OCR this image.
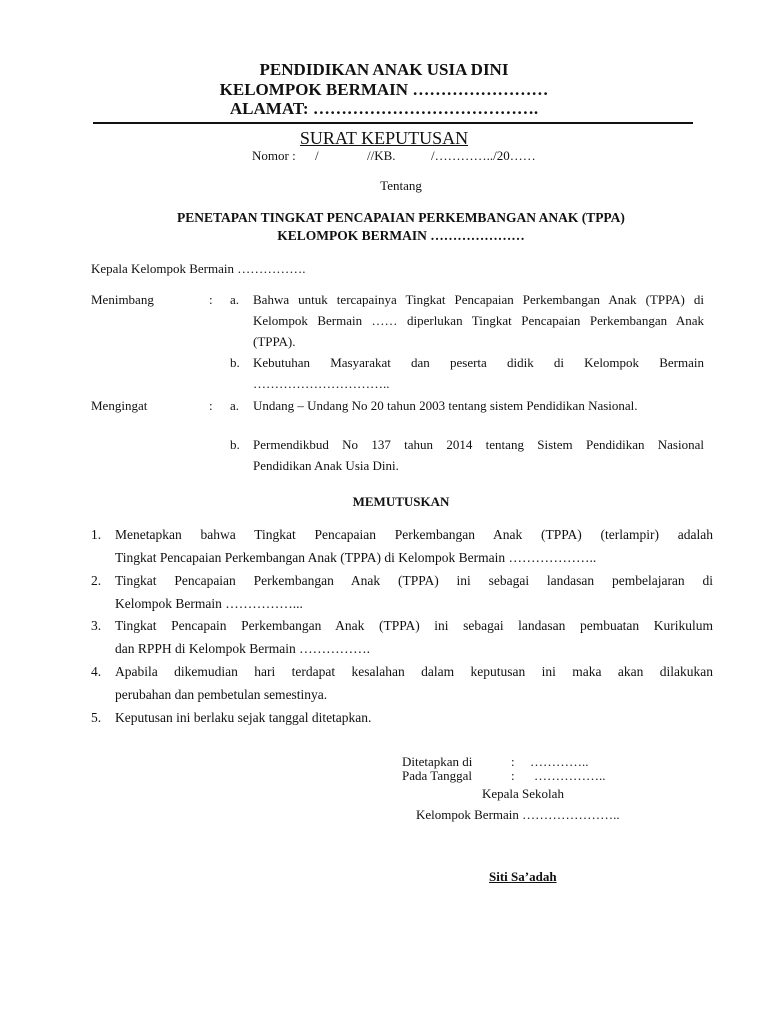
PENDIDIKAN ANAK USIA DINI
KELOMPOK BERMAIN ……………………
ALAMAT: ………………………………….
SURAT KEPUTUSAN
Nomor : /	//KB.	/…………../20……
Tentang
PENETAPAN TINGKAT PENCAPAIAN PERKEMBANGAN ANAK (TPPA)
KELOMPOK BERMAIN …………………
Kepala Kelompok Bermain …………….
Menimbang	: a. Bahwa untuk tercapainya Tingkat Pencapaian Perkembangan Anak (TPPA) di
Kelompok Bermain …… diperlukan Tingkat Pencapaian Perkembangan Anak
(TPPA).
b. Kebutuhan Masyarakat dan peserta didik di Kelompok Bermain
…………………………..
Mengingat	: a. Undang – Undang No 20 tahun 2003 tentang sistem Pendidikan Nasional.
b. Permendikbud No 137 tahun 2014 tentang Sistem Pendidikan Nasional
Pendidikan Anak Usia Dini.
MEMUTUSKAN
1. Menetapkan bahwa Tingkat Pencapaian Perkembangan Anak (TPPA) (terlampir) adalah
Tingkat Pencapaian Perkembangan Anak (TPPA) di Kelompok Bermain ………………..
2. Tingkat Pencapaian Perkembangan Anak (TPPA) ini sebagai landasan pembelajaran di
Kelompok Bermain ……………...
3. Tingkat Pencapain Perkembangan Anak (TPPA) ini sebagai landasan pembuatan Kurikulum
dan RPPH di Kelompok Bermain …………….
4. Apabila dikemudian hari terdapat kesalahan dalam keputusan ini maka akan dilakukan
perubahan dan pembetulan semestinya.
5. Keputusan ini berlaku sejak tanggal ditetapkan.
Ditetapkan di	: …………..
Pada Tanggal	: ……………..
Kepala Sekolah
Kelompok Bermain …………………..
Siti Sa’adah
